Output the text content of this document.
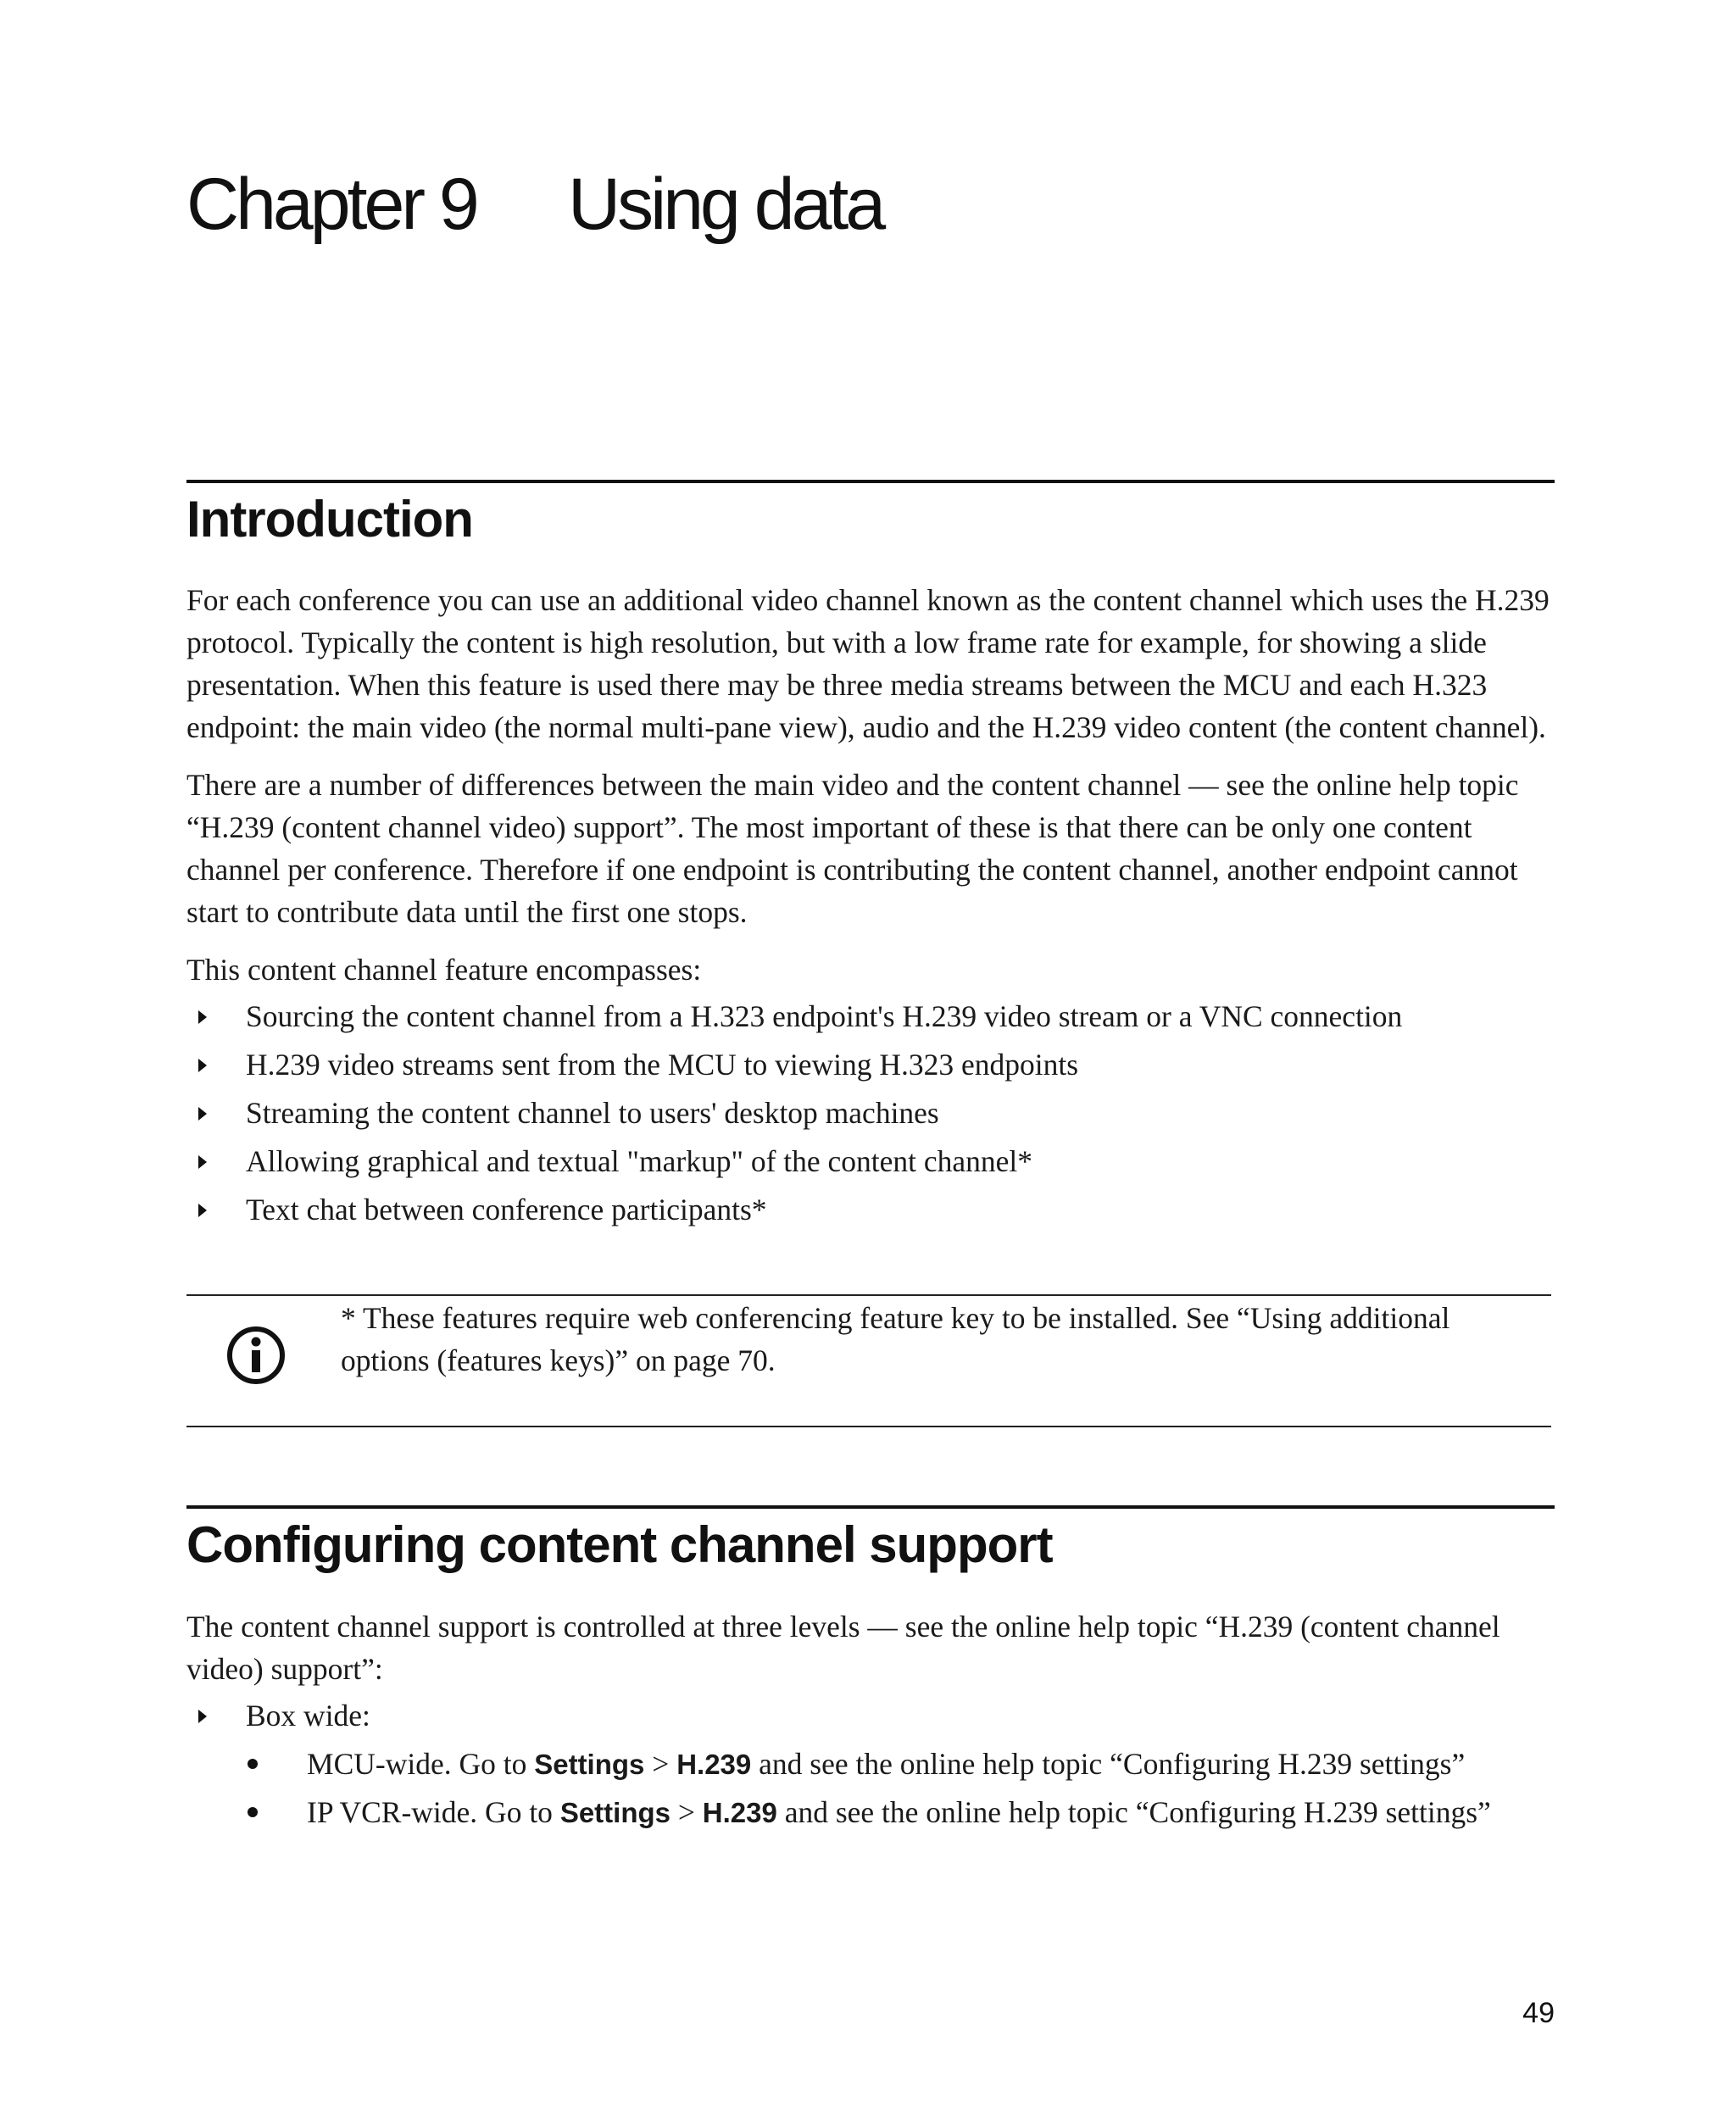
Chapter 9 Using data
Introduction

For each conference you can use an additional video channel known as the content channel which uses the H.239 protocol. Typically the content is high resolution, but with a low frame rate for example, for showing a slide presentation. When this feature is used there may be three media streams between the MCU and each H.323 endpoint: the main video (the normal multi-pane view), audio and the H.239 video content (the content channel).

There are a number of differences between the main video and the content channel — see the online help topic “H.239 (content channel video) support”. The most important of these is that there can be only one content channel per conference. Therefore if one endpoint is contributing the content channel, another endpoint cannot start to contribute data until the first one stops.

This content channel feature encompasses:

Sourcing the content channel from a H.323 endpoint's H.239 video stream or a VNC connection
H.239 video streams sent from the MCU to viewing H.323 endpoints
Streaming the content channel to users' desktop machines
Allowing graphical and textual "markup" of the content channel*
Text chat between conference participants*
* These features require web conferencing feature key to be installed. See “Using additional options (features keys)” on page 70.
Configuring content channel support

The content channel support is controlled at three levels — see the online help topic “H.239 (content channel video) support”:

Box wide:
MCU-wide. Go to Settings > H.239 and see the online help topic “Configuring H.239 settings”
IP VCR-wide. Go to Settings > H.239 and see the online help topic “Configuring H.239 settings”
49
